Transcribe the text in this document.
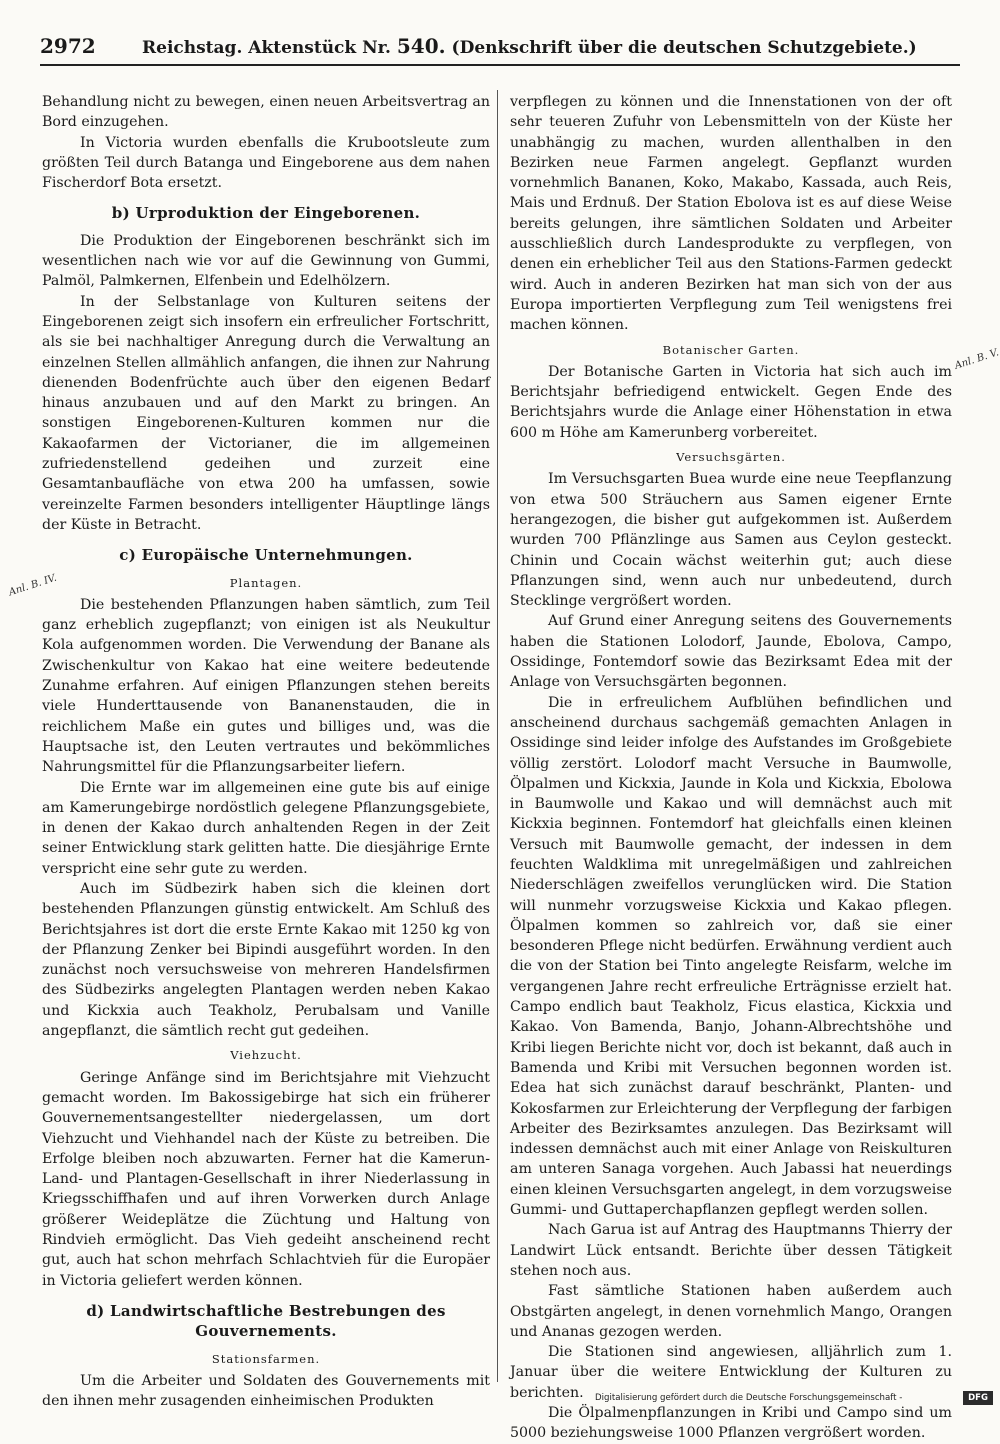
2972	Reichstag. Aktenstück Nr. 540. (Denkschrift über die deutschen Schutzgebiete.)
Anl. B. IV.
Anl. B. V.

Behandlung nicht zu bewegen, einen neuen Arbeitsvertrag an Bord einzugehen.

In Victoria wurden ebenfalls die Krubootsleute zum größten Teil durch Batanga und Eingeborene aus dem nahen Fischerdorf Bota ersetzt.

b) Urproduktion der Eingeborenen.

Die Produktion der Eingeborenen beschränkt sich im wesentlichen nach wie vor auf die Gewinnung von Gummi, Palmöl, Palmkernen, Elfenbein und Edelhölzern.

In der Selbstanlage von Kulturen seitens der Eingeborenen zeigt sich insofern ein erfreulicher Fortschritt, als sie bei nachhaltiger Anregung durch die Verwaltung an einzelnen Stellen allmählich anfangen, die ihnen zur Nahrung dienenden Bodenfrüchte auch über den eigenen Bedarf hinaus anzubauen und auf den Markt zu bringen. An sonstigen Eingeborenen-Kulturen kommen nur die Kakaofarmen der Victorianer, die im allgemeinen zufriedenstellend gedeihen und zurzeit eine Gesamtanbaufläche von etwa 200 ha umfassen, sowie vereinzelte Farmen besonders intelligenter Häuptlinge längs der Küste in Betracht.

c) Europäische Unternehmungen.
Plantagen.

Die bestehenden Pflanzungen haben sämtlich, zum Teil ganz erheblich zugepflanzt; von einigen ist als Neukultur Kola aufgenommen worden. Die Verwendung der Banane als Zwischenkultur von Kakao hat eine weitere bedeutende Zunahme erfahren. Auf einigen Pflanzungen stehen bereits viele Hunderttausende von Bananenstauden, die in reichlichem Maße ein gutes und billiges und, was die Hauptsache ist, den Leuten vertrautes und bekömmliches Nahrungsmittel für die Pflanzungsarbeiter liefern.

Die Ernte war im allgemeinen eine gute bis auf einige am Kamerungebirge nordöstlich gelegene Pflanzungsgebiete, in denen der Kakao durch anhaltenden Regen in der Zeit seiner Entwicklung stark gelitten hatte. Die diesjährige Ernte verspricht eine sehr gute zu werden.

Auch im Südbezirk haben sich die kleinen dort bestehenden Pflanzungen günstig entwickelt. Am Schluß des Berichtsjahres ist dort die erste Ernte Kakao mit 1250 kg von der Pflanzung Zenker bei Bipindi ausgeführt worden. In den zunächst noch versuchsweise von mehreren Handelsfirmen des Südbezirks angelegten Plantagen werden neben Kakao und Kickxia auch Teakholz, Perubalsam und Vanille angepflanzt, die sämtlich recht gut gedeihen.

Viehzucht.

Geringe Anfänge sind im Berichtsjahre mit Viehzucht gemacht worden. Im Bakossigebirge hat sich ein früherer Gouvernementsangestellter niedergelassen, um dort Viehzucht und Viehhandel nach der Küste zu betreiben. Die Erfolge bleiben noch abzuwarten. Ferner hat die Kamerun-Land- und Plantagen-Gesellschaft in ihrer Niederlassung in Kriegsschiffhafen und auf ihren Vorwerken durch Anlage größerer Weideplätze die Züchtung und Haltung von Rindvieh ermöglicht. Das Vieh gedeiht anscheinend recht gut, auch hat schon mehrfach Schlachtvieh für die Europäer in Victoria geliefert werden können.

d) Landwirtschaftliche Bestrebungen des Gouvernements.
Stationsfarmen.

Um die Arbeiter und Soldaten des Gouvernements mit den ihnen mehr zusagenden einheimischen Produkten

verpflegen zu können und die Innenstationen von der oft sehr teueren Zufuhr von Lebensmitteln von der Küste her unabhängig zu machen, wurden allenthalben in den Bezirken neue Farmen angelegt. Gepflanzt wurden vornehmlich Bananen, Koko, Makabo, Kassada, auch Reis, Mais und Erdnuß. Der Station Ebolova ist es auf diese Weise bereits gelungen, ihre sämtlichen Soldaten und Arbeiter ausschließlich durch Landesprodukte zu verpflegen, von denen ein erheblicher Teil aus den Stations-Farmen gedeckt wird. Auch in anderen Bezirken hat man sich von der aus Europa importierten Verpflegung zum Teil wenigstens frei machen können.

Botanischer Garten.

Der Botanische Garten in Victoria hat sich auch im Berichtsjahr befriedigend entwickelt. Gegen Ende des Berichtsjahrs wurde die Anlage einer Höhenstation in etwa 600 m Höhe am Kamerunberg vorbereitet.

Versuchsgärten.

Im Versuchsgarten Buea wurde eine neue Teepflanzung von etwa 500 Sträuchern aus Samen eigener Ernte herangezogen, die bisher gut aufgekommen ist. Außerdem wurden 700 Pflänzlinge aus Samen aus Ceylon gesteckt. Chinin und Cocain wächst weiterhin gut; auch diese Pflanzungen sind, wenn auch nur unbedeutend, durch Stecklinge vergrößert worden.

Auf Grund einer Anregung seitens des Gouvernements haben die Stationen Lolodorf, Jaunde, Ebolova, Campo, Ossidinge, Fontemdorf sowie das Bezirksamt Edea mit der Anlage von Versuchsgärten begonnen.

Die in erfreulichem Aufblühen befindlichen und anscheinend durchaus sachgemäß gemachten Anlagen in Ossidinge sind leider infolge des Aufstandes im Großgebiete völlig zerstört. Lolodorf macht Versuche in Baumwolle, Ölpalmen und Kickxia, Jaunde in Kola und Kickxia, Ebolowa in Baumwolle und Kakao und will demnächst auch mit Kickxia beginnen. Fontemdorf hat gleichfalls einen kleinen Versuch mit Baumwolle gemacht, der indessen in dem feuchten Waldklima mit unregelmäßigen und zahlreichen Niederschlägen zweifellos verunglücken wird. Die Station will nunmehr vorzugsweise Kickxia und Kakao pflegen. Ölpalmen kommen so zahlreich vor, daß sie einer besonderen Pflege nicht bedürfen. Erwähnung verdient auch die von der Station bei Tinto angelegte Reisfarm, welche im vergangenen Jahre recht erfreuliche Erträgnisse erzielt hat. Campo endlich baut Teakholz, Ficus elastica, Kickxia und Kakao. Von Bamenda, Banjo, Johann-Albrechtshöhe und Kribi liegen Berichte nicht vor, doch ist bekannt, daß auch in Bamenda und Kribi mit Versuchen begonnen worden ist. Edea hat sich zunächst darauf beschränkt, Planten- und Kokosfarmen zur Erleichterung der Verpflegung der farbigen Arbeiter des Bezirksamtes anzulegen. Das Bezirksamt will indessen demnächst auch mit einer Anlage von Reiskulturen am unteren Sanaga vorgehen. Auch Jabassi hat neuerdings einen kleinen Versuchsgarten angelegt, in dem vorzugsweise Gummi- und Guttaperchapflanzen gepflegt werden sollen.

Nach Garua ist auf Antrag des Hauptmanns Thierry der Landwirt Lück entsandt. Berichte über dessen Tätigkeit stehen noch aus.

Fast sämtliche Stationen haben außerdem auch Obstgärten angelegt, in denen vornehmlich Mango, Orangen und Ananas gezogen werden.

Die Stationen sind angewiesen, alljährlich zum 1. Januar über die weitere Entwicklung der Kulturen zu berichten.

Die Ölpalmenpflanzungen in Kribi und Campo sind um 5000 beziehungsweise 1000 Pflanzen vergrößert worden.

Digitalisierung gefördert durch die Deutsche Forschungsgemeinschaft -	DFG
